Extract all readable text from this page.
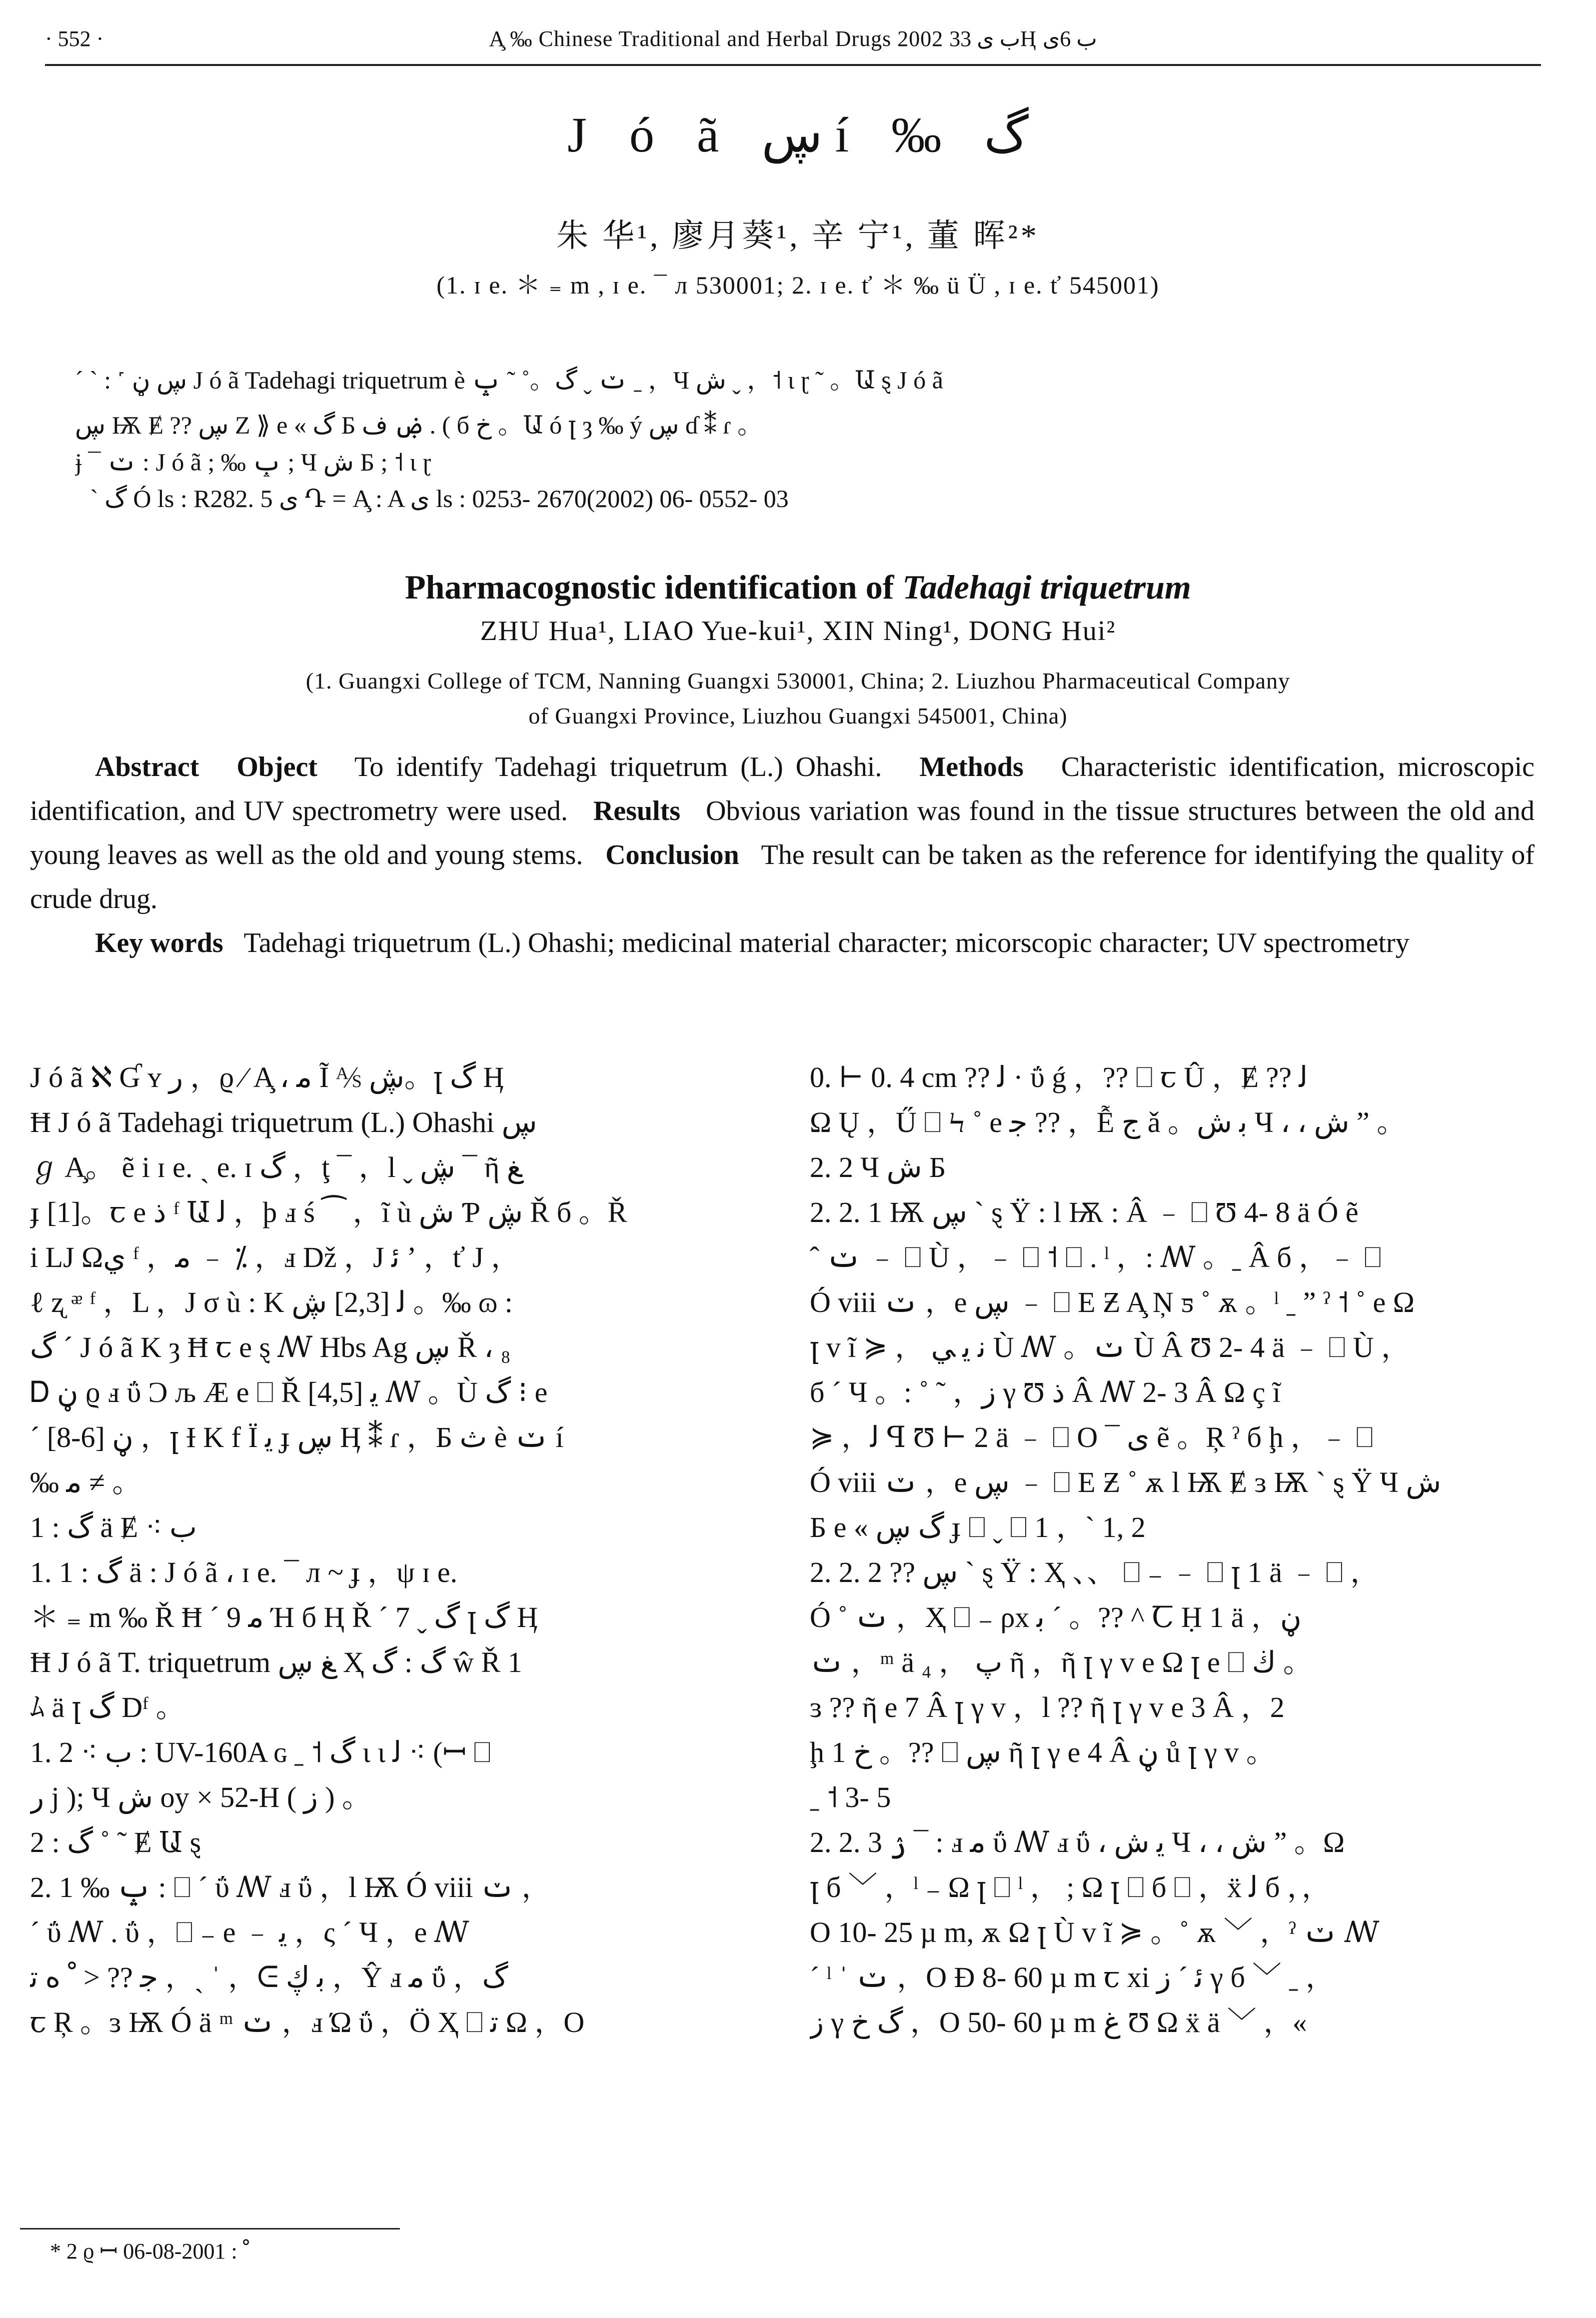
· 552 ·	A̧ ‰ Chinese Traditional and Herbal Drugs 2002 ب ى 33Ⱨ ب 6ى
J ó ã ڛ í ‰ گ
朱 华¹, 廖月葵¹, 辛 宁¹, 董 晖²*
(1. ɪ e. ＊ ₌ m , ɪ e. ¯ л 530001; 2. ɪ e. ť ＊ ‰ ü Ü , ɪ e. ť 545001)
ˊ ˋ : ˹ ڛ ڼ J ó ã Tadehagi triquetrum è ݖ ˬ گ。˚ ˜ ݒ ˍ ，Ч ش ˬ ，˦ ι ɽ ˜ 。Ա ȿ J ó ã
ڛ Ѭ Ɇ ?? ڛ Ζ ⟫ e « گ Б ۻ ف . ( б خ 。Ա ó ꞁ ȝ ‰ ý ڛ ɗ ⁑ ɾ 。
ɉ ¯ ݖ : J ó ã ; ‰ ݒ ; Ч ش Б ; ˦ ι ɽ
ˋ گ Ó ls : R282. 5 ى Դ = A̧ : A ى ls : 0253- 2670(2002) 06- 0552- 03
Pharmacognostic identification of Tadehagi triquetrum
ZHU Hua¹, LIAO Yue-kui¹, XIN Ning¹, DONG Hui²
(1. Guangxi College of TCM, Nanning Guangxi 530001, China; 2. Liuzhou Pharmaceutical Company
of Guangxi Province, Liuzhou Guangxi 545001, China)

Abstract Object To identify Tadehagi triquetrum (L.) Ohashi. Methods Characteristic identification, microscopic identification, and UV spectrometry were used. Results Obvious variation was found in the tissue structures between the old and young leaves as well as the old and young stems. Conclusion The result can be taken as the reference for identifying the quality of crude drug.

Key words Tadehagi triquetrum (L.) Ohashi; medicinal material character; micorscopic character; UV spectrometry

J ó ã ℵ Ɠ ʏ ﺭ ，ϱ ∕ A̧ ، ﻣ Ĩ ⅍ ڜ。ꞁ گ Ӊ
Ħ J ó ã Tadehagi triquetrum (L.) Ohashi ڛ
ℊ A̧。 ẽ i ɪ e. ˏ e. ɪ گ ，ţ ¯ ，l ˬ ڜ ¯ ῆ ﻎ
ɟ [1]。ꞇ e ﺫ ᶠ Ա ﻟ ，ϸ ⅎ ś ⁀ ，ĩ ù ش Ƥ ڜ Ř б 。Ř
i Ǉ Ωي ᶠ ，ﻣ ﹣ ⁒ ，ⅎ Dž ，J ﺋ ʼ ，ť J ，
ℓ ʐ ᵆ ᶠ ，L ，J σ ù : K ﻟ [2,3] ڜ 。‰ ɷ :
گ ˊ J ó ã K ȝ Ħ ꞇ e ȿ ꟿ Hbs Ag ڛ Ř ، ₈
Ꭰ ڼ ϱ ⅎ ΰ Ͻ љ Æ e ⎕ Ř [4,5] ﻳ ꟿ 。Ù گ ⁝ e
ˊ ڼ [6-8] ，ꞁ Ɨ K f Ï ﯾ ɟ ڛ Ӊ ⁑ ɾ ，Б ﺙ è ݖ í
‰ ﻣ ≠ 。
1 : گ ä Ɇ ⁖ ب
1. 1 : گ ä : J ó ã ، ɪ e. ¯ л ~ ɟ ，ψ ɪ e.
＊ ₌ m ‰ Ř Ħ ˊ ﻣ 9 Ή б Ⱨ Ř ˊ 7 ˬ گ ꞁ گ Ӊ
Ħ J ó ã T. triquetrum ﻎ ڛ Ҳ گ : گ ŵ Ř 1
ﾑ ä ꞁ گ Dᶠ 。
1. 2 ⁖ ب : UV-160A ɢ ˍ ˦ گ ι ι ﻟ ⁖ (ꟷ ⎕
ﺭ j ); Ч ش oy × 52-H ( ﺯ ) 。
2 : گ ˚ ˜ Ɇ Ա ȿ
2. 1 ‰ ݒ : ⎕ ˊ ΰ ꟿ ⅎ ΰ ，l Ѭ Ó viii ݖ ，
ˊ ΰ ꟿ . ΰ ，⎕ ₋ e ﹣ ﯾ ，ς ˊ Ч ，e ꟿ
ﺟ ?? < ﹾ ﻩ ﺗ ，ˎ ˈ ，ᕮ ﺑ ڮ ，Ŷ ⅎ ﻣ ΰ ，گ
ꞇ Ŗ 。ɜ Ѭ Ó ä ᵐ ݖ ，ⅎ Ώ ΰ ，Ö Ҳ ⎕ ﺗ Ω ，O
0. ⊢ 0. 4 cm ?? ﻟ · ΰ ǵ ，?? ⎕ ꞇ Û ，Ɇ ?? ﻟ
Ω Ų ，Ű ⎕ Ϟ ˚ e ﺟ ?? ，Ễ ﺝ ǎ 。ﺑ ش Ч ، ، ش ˮ 。
2. 2 Ч ش Б
2. 2. 1 Ѭ ڛ ˋ ȿ Ÿ : l Ѭ : Â ﹣ ⎕ Ʊ 4- 8 ä Ó ẽ
ˆ ݖ ﹣ ⎕ Ù ，﹣ ⎕ ˦ ⎕ . ˡ ，: ꟿ 。ˍ Â б ，﹣ ⎕
Ó viii ݖ ，e ڛ ﹣ ⎕ E Ƶ A̧ Ņ ƽ ˚ ѫ 。ˡ ˍ ˮ ˀ ˦ ˚ e Ω
ꞁ v ĩ ≽ ， ﻧ ﻳ ﻲ Ù ꟿ 。ݖ Ù Â Ʊ 2- 4 ä ﹣ ⎕ Ù ，
б ˊ Ч 。: ˚ ˜ ，ﺯ γ Ʊ ﺫ Â ꟿ 2- 3 Â Ω ç ĩ
≽ ，ﻟ ꟼ Ʊ ⊢ 2 ä ﹣ ⎕ O ¯ ى ẽ 。Ŗ ˀ б ḩ ，﹣ ⎕
Ó viii ݖ ，e ڛ ﹣ ⎕ E Ƶ ˚ ѫ l Ѭ Ɇ ɜ Ѭ ˋ ȿ Ÿ Ч ش
Б e « گ ڛ ɟ ⎕ ˬ ⎕ 1 ，ˋ 1, 2
2. 2. 2 ?? ڛ ˋ ȿ Ÿ : Ҳ 、、 ⎕ ₋ ﹣ ⎕ ꞁ 1 ä ﹣ ⎕ ，
Ó ˚ ݖ ，Ҳ ⎕ ₋ ρx ﺑ ˊ 。?? ^ Ꞇ Ḥ 1 ä ，ڼ
ݖ ，ᵐ ä ﭖ ， ₄ ῆ ，ῆ ꞁ γ v e Ω ꞁ e ⎕ ڬ 。
ɜ ?? ῆ e 7 Â ꞁ γ v ，l ?? ῆ ꞁ γ v e 3 Â ，2
ḩ 1 خ 。?? ⎕ ڛ ῆ ꞁ γ e 4 Â ڼ ů ꞁ γ v 。
ˍ ˦ 3- 5
2. 2. 3 ۯ ¯ : ⅎ ﻣ ΰ ꟿ ⅎ ΰ ، ﻳ ش Ч ، ، ش ˮ 。Ω
ꞁ б ﹀ ，ˡ ₋ Ω ꞁ ⎕ ˡ ， ; Ω ꞁ ⎕ б ⎕ ，ẍ ﻟ б ，，
O 10- 25 µ m, ѫ Ω ꞁ Ù v ĩ ≽ 。˚ ѫ ﹀ ，ˀ ݖ ꟿ
ˊ ˡ ˈ ݖ ，O Ɖ 8- 60 µ m ꞇ xi ﺋ ˊ ﺯ γ б ﹀ ˍ ，
ﺯ γ گ خ ，O 50- 60 µ m ﻍ Ʊ Ω ẍ ä ﹀ ，«
* 2 ϱ ꟷ ﹾ : 2001-08-06
